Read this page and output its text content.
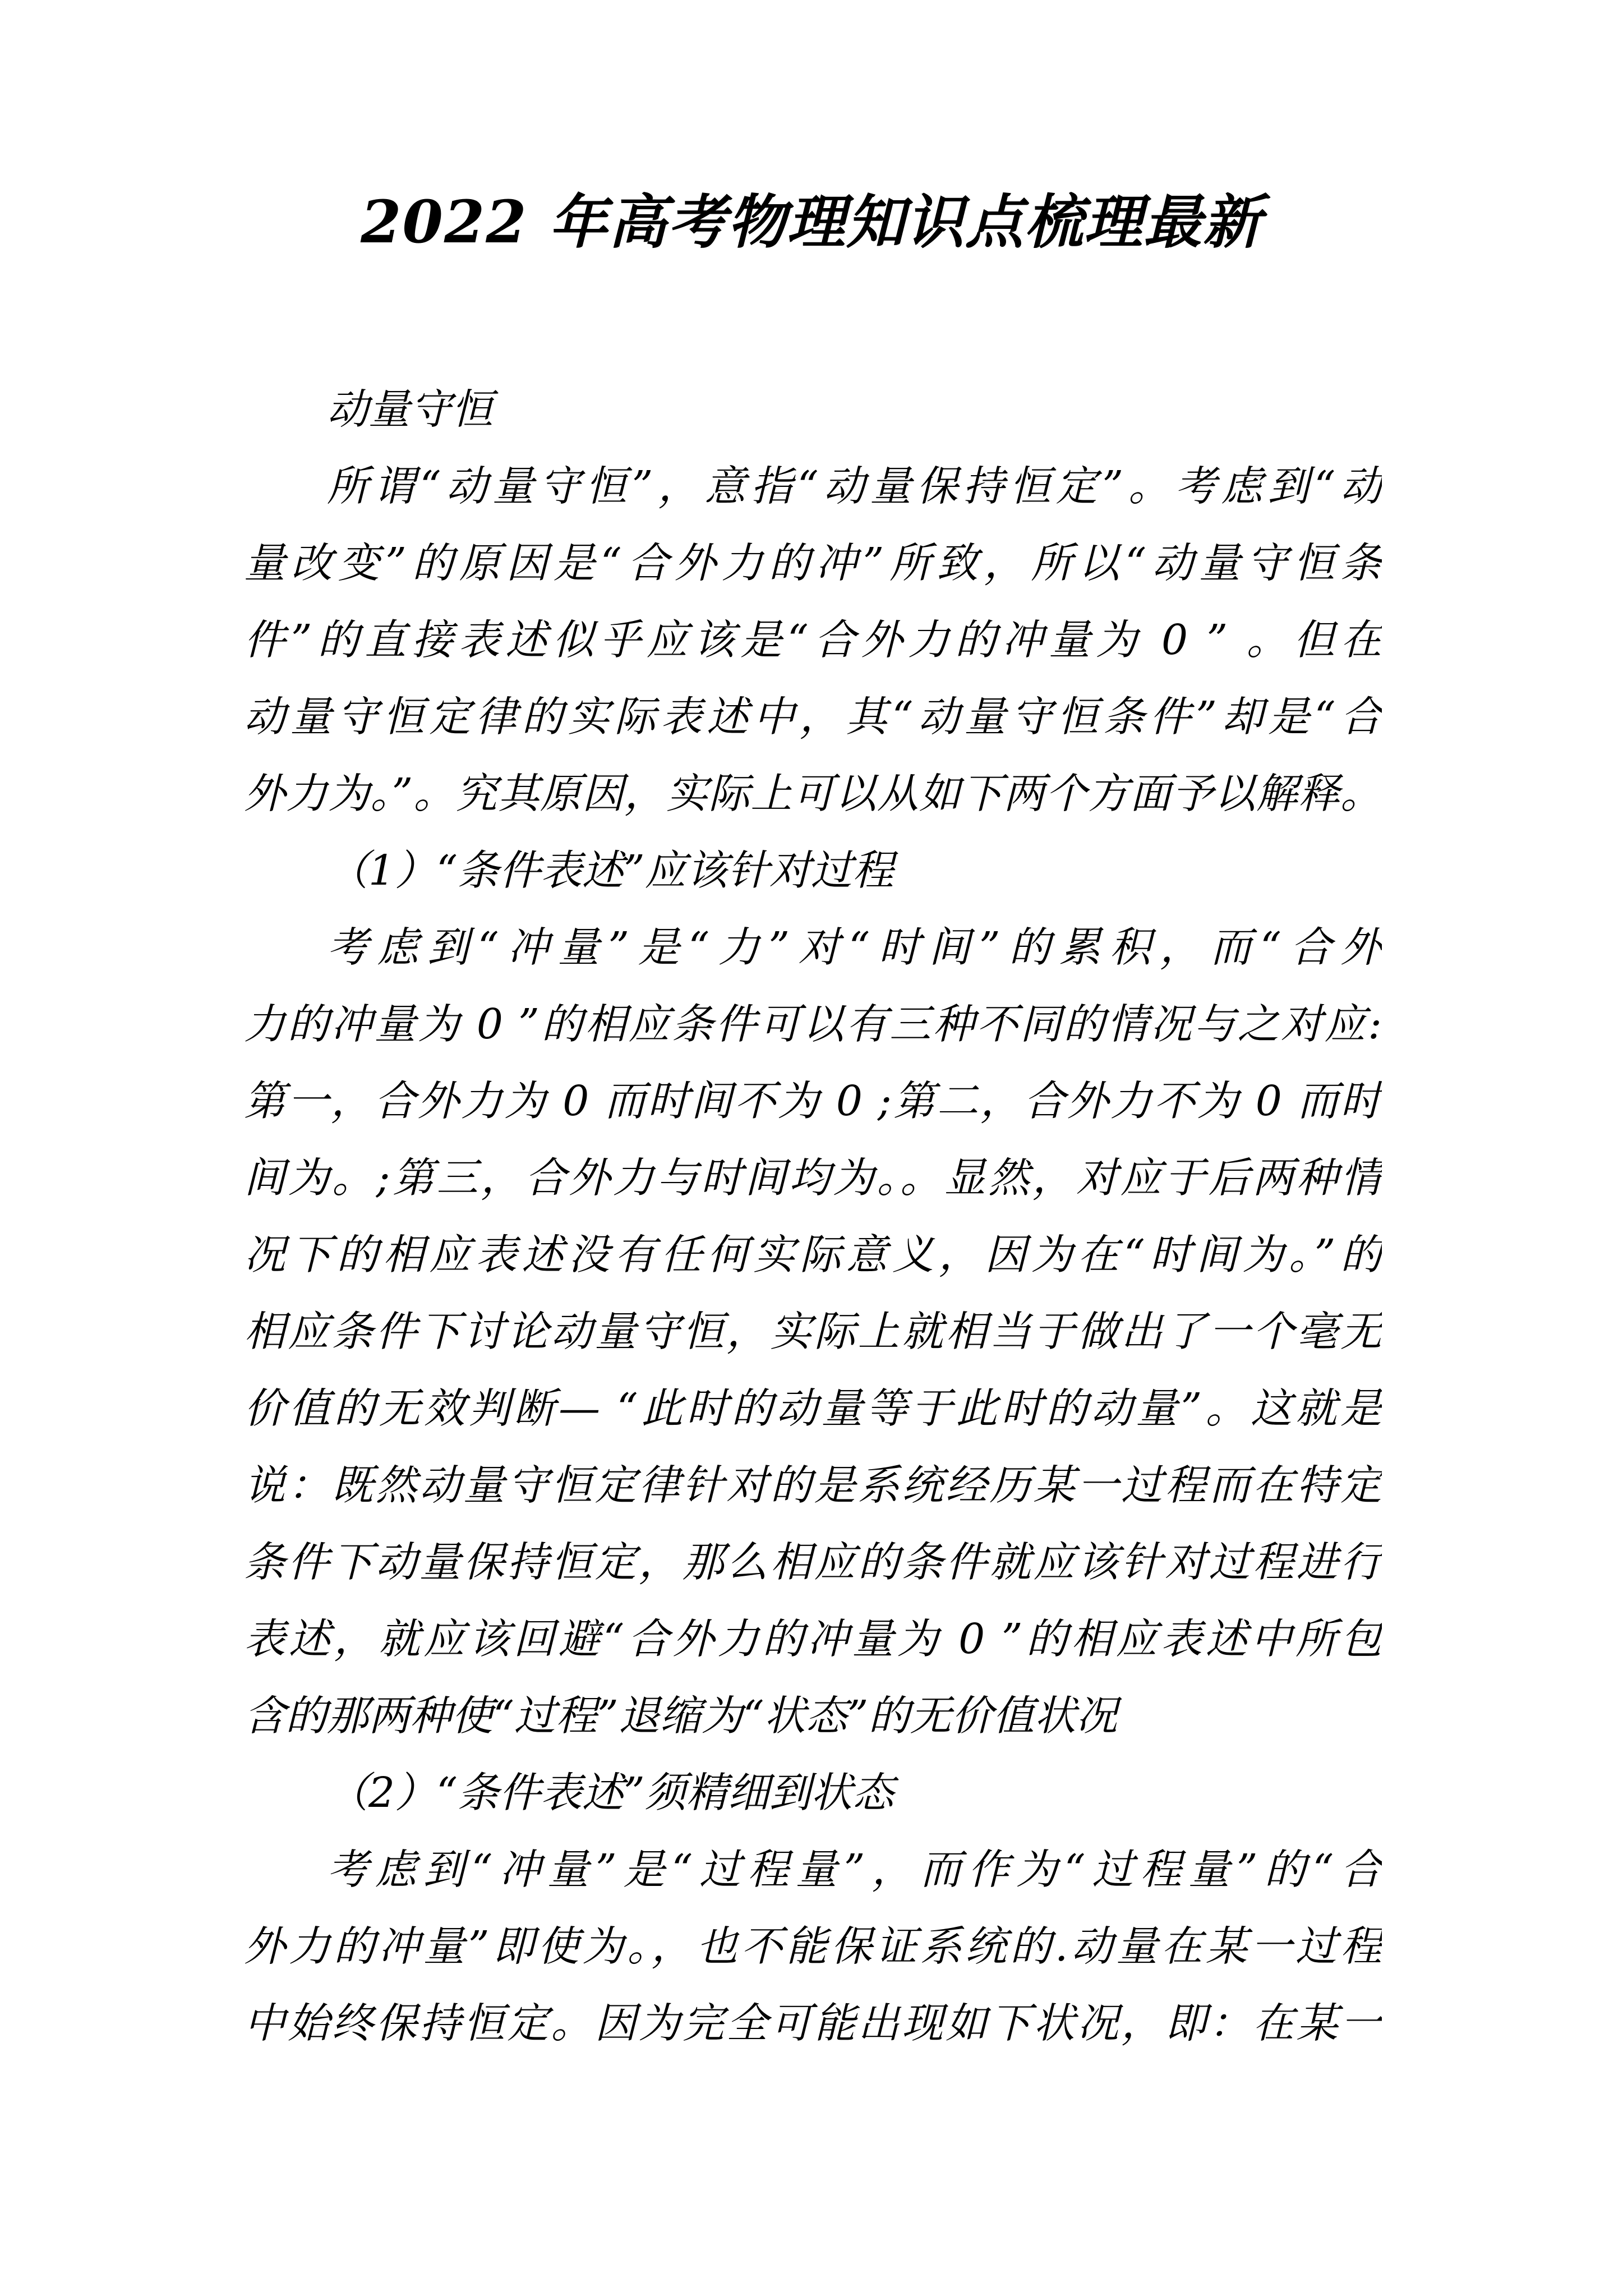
2022 年高考物理知识点梳理最新
动量守恒
所谓“动量守恒”，意指“动量保持恒定”。考虑到“动
量改变”的原因是“合外力的冲”所致，所以“动量守恒条
件”的直接表述似乎应该是“合外力的冲量为 0 ” 。但在
动量守恒定律的实际表述中，其“动量守恒条件”却是“合
外力为。”。究其原因，实际上可以从如下两个方面予以解释。
（1）“条件表述”应该针对过程
考虑到“冲量”是“力”对“时间”的累积，而“合外
力的冲量为 0 ”的相应条件可以有三种不同的情况与之对应:
第一，合外力为 0 而时间不为 0 ;第二，合外力不为 0 而时
间为。;第三，合外力与时间均为。。显然，对应于后两种情
况下的相应表述没有任何实际意义，因为在“时间为。”的
相应条件下讨论动量守恒，实际上就相当于做出了一个毫无
价值的无效判断— “此时的动量等于此时的动量”。这就是
说：既然动量守恒定律针对的是系统经历某一过程而在特定
条件下动量保持恒定，那么相应的条件就应该针对过程进行
表述，就应该回避“合外力的冲量为 0 ”的相应表述中所包
含的那两种使“过程”退缩为“状态”的无价值状况
（2）“条件表述”须精细到状态
考虑到“冲量”是“过程量”，而作为“过程量”的“合
外力的冲量”即使为。，也不能保证系统的.动量在某一过程
中始终保持恒定。因为完全可能出现如下状况，即：在某一
